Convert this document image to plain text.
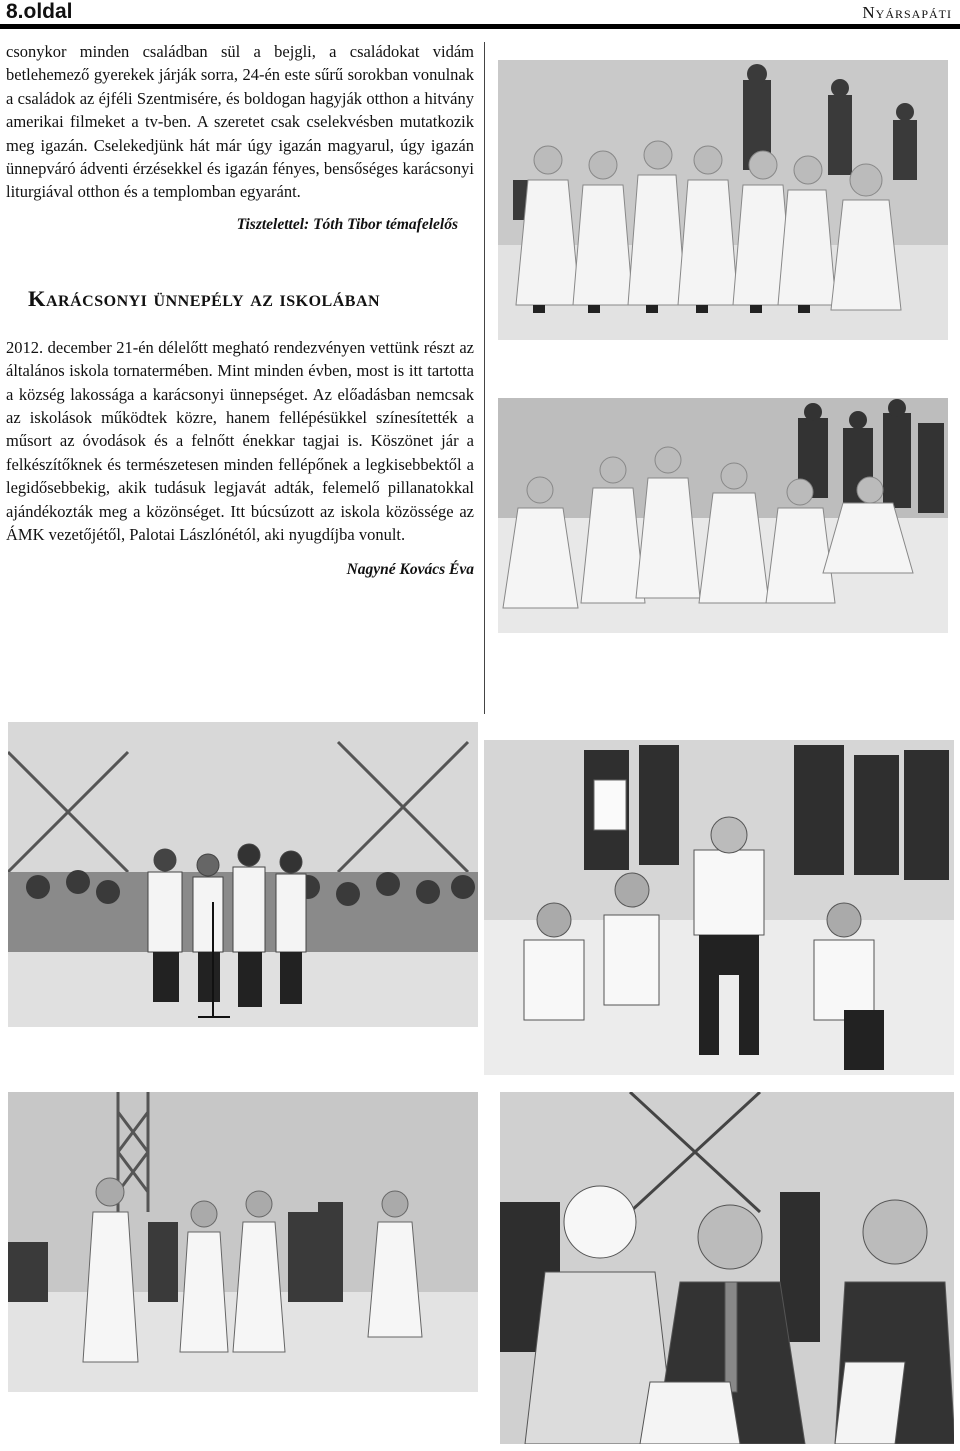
8.oldal	Nyársapáti

csonykor minden családban sül a bejgli, a családokat vidám betlehemező gyerekek járják sorra, 24-én este sűrű sorokban vonulnak a családok az éjféli Szentmisére, és boldogan hagyják otthon a hitvány amerikai filmeket a tv-ben. A szeretet csak cselekvésben mutatkozik meg igazán. Cselekedjünk hát már úgy igazán magyarul, úgy igazán ünnepváró ádventi érzésekkel és igazán fényes, bensőséges karácsonyi liturgiával otthon és a templomban egyaránt.

Tisztelettel: Tóth Tibor témafelelős
Karácsonyi ünnepély az iskolában

2012. december 21-én délelőtt megható rendezvényen vettünk részt az általános iskola tornatermében. Mint minden évben, most is itt tartotta a község lakossága a karácsonyi ünnepséget. Az előadásban nemcsak az iskolások működtek közre, hanem fellépésükkel színesítették a műsort az óvodások és a felnőtt énekkar tagjai is. Köszönet jár a felkészítőknek és természetesen minden fellépőnek a legkisebbektől a legidősebbekig, akik tudásuk legjavát adták, felemelő pillanatokkal ajándékozták meg a közönséget. Itt búcsúzott az iskola közössége az ÁMK vezetőjétől, Palotai Lászlónétól, aki nyugdíjba vonult.

Nagyné Kovács Éva
